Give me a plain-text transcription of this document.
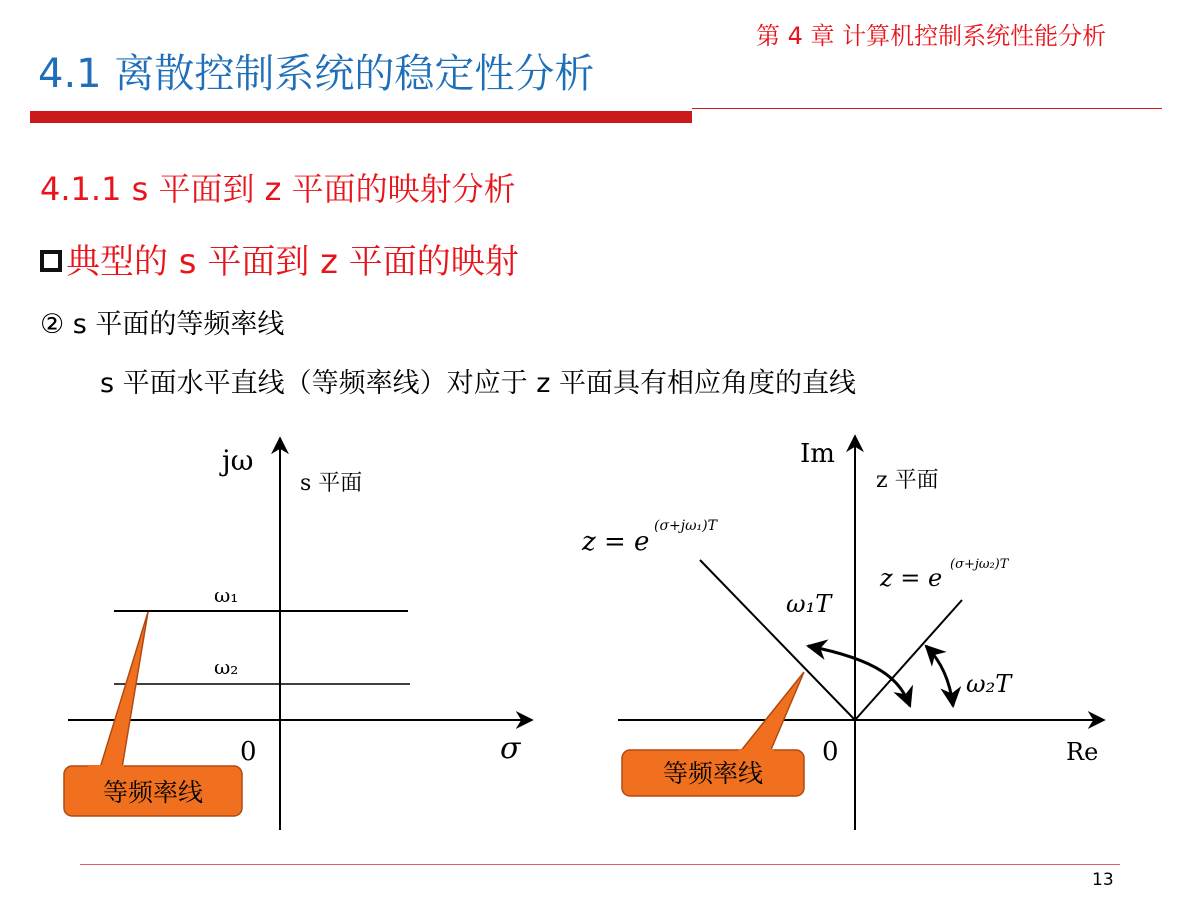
第 4 章 计算机控制系统性能分析
4.1 离散控制系统的稳定性分析
4.1.1 s 平面到 z 平面的映射分析
典型的 s 平面到 z 平面的映射
② s 平面的等频率线
s 平面水平直线（等频率线）对应于 z 平面具有相应角度的直线
jω
s 平面
ω₁
ω₂
0	σ
等频率线
Im
z 平面
z = e
(σ+jω₁)T
z = e (σ+jω₂)T
ω₁T
ω₂T
0	Re
等频率线
13
